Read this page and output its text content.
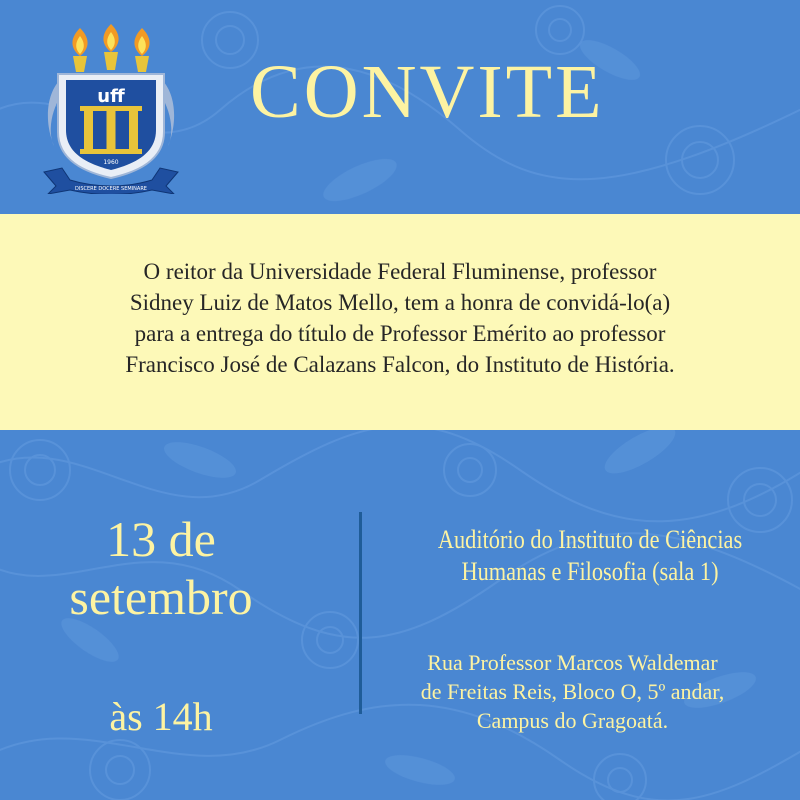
uff
1960
DISCERE DOCERE SEMINARE
CONVITE

O reitor da Universidade Federal Fluminense, professor
Sidney Luiz de Matos Mello, tem a honra de convidá-lo(a)
para a entrega do título de Professor Emérito ao professor
Francisco José de Calazans Falcon, do Instituto de História.

13 de
setembro
às 14h
Auditório do Instituto de Ciências
Humanas e Filosofia (sala 1)
Rua Professor Marcos Waldemar
de Freitas Reis, Bloco O, 5º andar,
Campus do Gragoatá.
